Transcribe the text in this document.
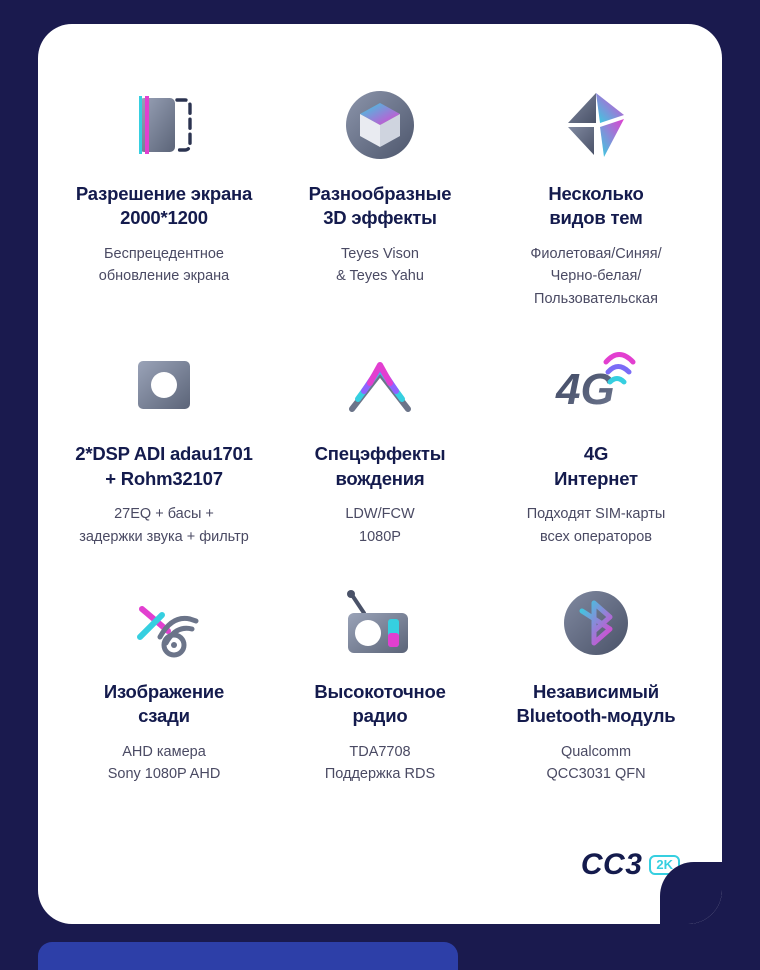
Разрешение экрана
2000*1200
Беспрецедентное
обновление экрана
Разнообразные
3D эффекты
Teyes Vison
& Teyes Yahu
Несколько
видов тем
Фиолетовая/Синяя/
Черно-белая/
Пользовательская
2*DSP ADI adau1701
+ Rohm32107
27EQ + басы +
задержки звука + фильтр
Спецэффекты
вождения
LDW/FCW
1080P
4G
4G
Интернет
Подходят SIM-карты
всех операторов
Изображение
сзади
AHD камера
Sony 1080P AHD
Высокоточное
радио
TDA7708
Поддержка RDS
Независимый
Bluetooth-модуль
Qualcomm
QCC3031 QFN
CC3	2K
